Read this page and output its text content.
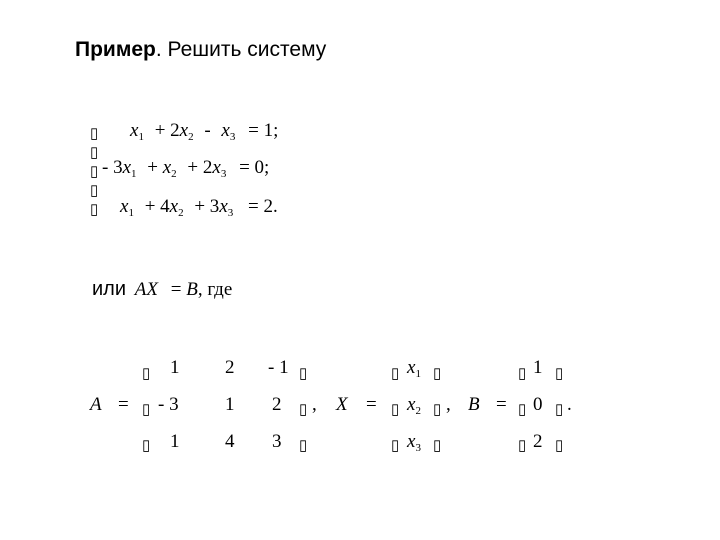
Пример. Решить систему
▯
▯
▯
▯
▯
$x_1 + 2x_2 - x_3 = 1$;
- $3x_1 + x_2 + 2x_3 = 0$;
$x_1 + 4x_2 + 3x_3 = 2$.
или AX = B, где
A =
▯
▯
▯
1 2 - 1
- 3 1 2
1 4 3
▯
▯
▯
, X =
▯
▯
▯
$x_1$
$x_2$
$x_3$
▯
▯
▯
, B =
▯
▯
▯
1
0
2
▯
▯
▯
.
